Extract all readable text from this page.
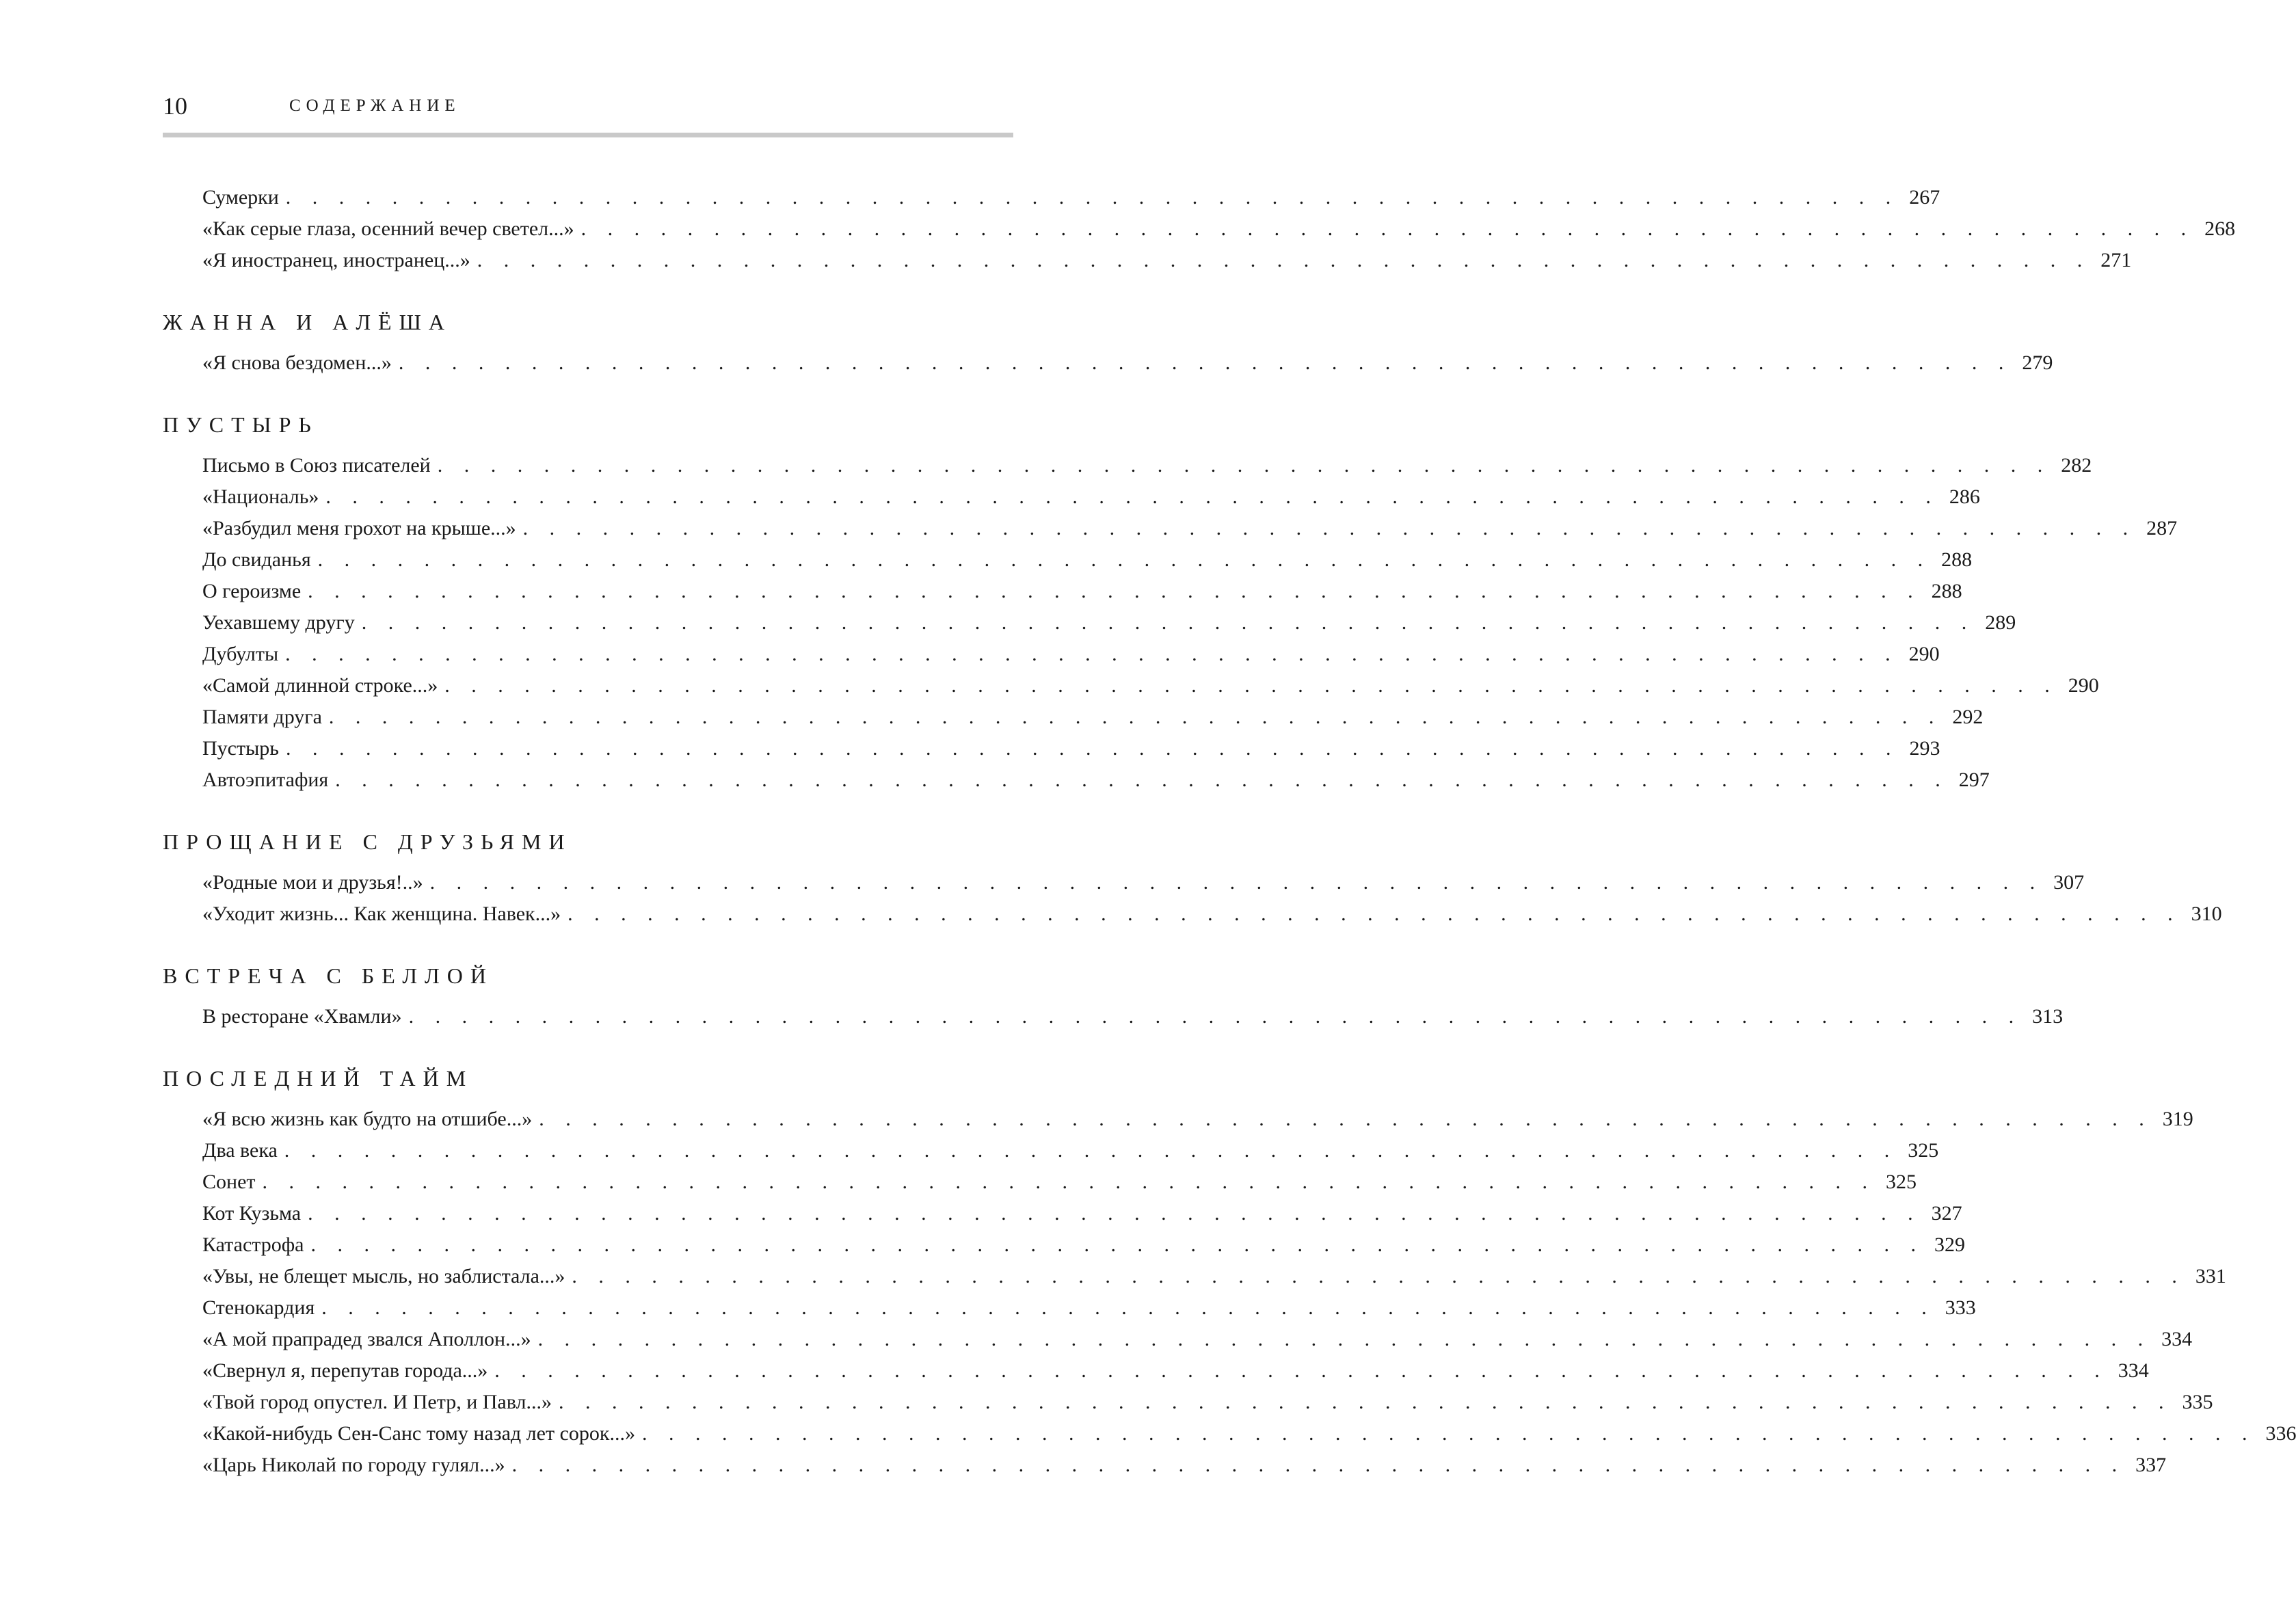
10	СОДЕРЖАНИЕ
Сумерки . . . . . . . . . . . . . . . . . . . . . . . . . . . . . . . . . . . . . . . . . . . . . . . . . . . . . . . . . . . . . 267
«Как серые глаза, осенний вечер светел...» . . . . . . . . . . . . . . . . . . . . . . . . . . . . . . . . . . . . . . . . . . . . . . . . . . . . . . . . . . . . . 268
«Я иностранец, иностранец...» . . . . . . . . . . . . . . . . . . . . . . . . . . . . . . . . . . . . . . . . . . . . . . . . . . . . . . . . . . . . . 271
ЖАННА И АЛЁША
«Я снова бездомен...» . . . . . . . . . . . . . . . . . . . . . . . . . . . . . . . . . . . . . . . . . . . . . . . . . . . . . . . . . . . . . 279
ПУСТЫРЬ
Письмо в Союз писателей . . . . . . . . . . . . . . . . . . . . . . . . . . . . . . . . . . . . . . . . . . . . . . . . . . . . . . . . . . . . . 282
«Националь» . . . . . . . . . . . . . . . . . . . . . . . . . . . . . . . . . . . . . . . . . . . . . . . . . . . . . . . . . . . . . 286
«Разбудил меня грохот на крыше...» . . . . . . . . . . . . . . . . . . . . . . . . . . . . . . . . . . . . . . . . . . . . . . . . . . . . . . . . . . . . . 287
До свиданья . . . . . . . . . . . . . . . . . . . . . . . . . . . . . . . . . . . . . . . . . . . . . . . . . . . . . . . . . . . . . 288
О героизме . . . . . . . . . . . . . . . . . . . . . . . . . . . . . . . . . . . . . . . . . . . . . . . . . . . . . . . . . . . . . 288
Уехавшему другу . . . . . . . . . . . . . . . . . . . . . . . . . . . . . . . . . . . . . . . . . . . . . . . . . . . . . . . . . . . . . 289
Дубулты . . . . . . . . . . . . . . . . . . . . . . . . . . . . . . . . . . . . . . . . . . . . . . . . . . . . . . . . . . . . . 290
«Самой длинной строке...» . . . . . . . . . . . . . . . . . . . . . . . . . . . . . . . . . . . . . . . . . . . . . . . . . . . . . . . . . . . . . 290
Памяти друга . . . . . . . . . . . . . . . . . . . . . . . . . . . . . . . . . . . . . . . . . . . . . . . . . . . . . . . . . . . . . 292
Пустырь . . . . . . . . . . . . . . . . . . . . . . . . . . . . . . . . . . . . . . . . . . . . . . . . . . . . . . . . . . . . . 293
Автоэпитафия . . . . . . . . . . . . . . . . . . . . . . . . . . . . . . . . . . . . . . . . . . . . . . . . . . . . . . . . . . . . . 297
ПРОЩАНИЕ С ДРУЗЬЯМИ
«Родные мои и друзья!..» . . . . . . . . . . . . . . . . . . . . . . . . . . . . . . . . . . . . . . . . . . . . . . . . . . . . . . . . . . . . . 307
«Уходит жизнь... Как женщина. Навек...» . . . . . . . . . . . . . . . . . . . . . . . . . . . . . . . . . . . . . . . . . . . . . . . . . . . . . . . . . . . . . 310
ВСТРЕЧА С БЕЛЛОЙ
В ресторане «Хвамли» . . . . . . . . . . . . . . . . . . . . . . . . . . . . . . . . . . . . . . . . . . . . . . . . . . . . . . . . . . . . . 313
ПОСЛЕДНИЙ ТАЙМ
«Я всю жизнь как будто на отшибе...» . . . . . . . . . . . . . . . . . . . . . . . . . . . . . . . . . . . . . . . . . . . . . . . . . . . . . . . . . . . . . 319
Два века . . . . . . . . . . . . . . . . . . . . . . . . . . . . . . . . . . . . . . . . . . . . . . . . . . . . . . . . . . . . . 325
Сонет . . . . . . . . . . . . . . . . . . . . . . . . . . . . . . . . . . . . . . . . . . . . . . . . . . . . . . . . . . . . . 325
Кот Кузьма . . . . . . . . . . . . . . . . . . . . . . . . . . . . . . . . . . . . . . . . . . . . . . . . . . . . . . . . . . . . . 327
Катастрофа . . . . . . . . . . . . . . . . . . . . . . . . . . . . . . . . . . . . . . . . . . . . . . . . . . . . . . . . . . . . . 329
«Увы, не блещет мысль, но заблистала...» . . . . . . . . . . . . . . . . . . . . . . . . . . . . . . . . . . . . . . . . . . . . . . . . . . . . . . . . . . . . . 331
Стенокардия . . . . . . . . . . . . . . . . . . . . . . . . . . . . . . . . . . . . . . . . . . . . . . . . . . . . . . . . . . . . . 333
«А мой прапрадед звался Аполлон...» . . . . . . . . . . . . . . . . . . . . . . . . . . . . . . . . . . . . . . . . . . . . . . . . . . . . . . . . . . . . . 334
«Свернул я, перепутав города...» . . . . . . . . . . . . . . . . . . . . . . . . . . . . . . . . . . . . . . . . . . . . . . . . . . . . . . . . . . . . . 334
«Твой город опустел. И Петр, и Павл...» . . . . . . . . . . . . . . . . . . . . . . . . . . . . . . . . . . . . . . . . . . . . . . . . . . . . . . . . . . . . . 335
«Какой-нибудь Сен-Санс тому назад лет сорок...» . . . . . . . . . . . . . . . . . . . . . . . . . . . . . . . . . . . . . . . . . . . . . . . . . . . . . . . . . . . . . 336
«Царь Николай по городу гулял...» . . . . . . . . . . . . . . . . . . . . . . . . . . . . . . . . . . . . . . . . . . . . . . . . . . . . . . . . . . . . . 337
